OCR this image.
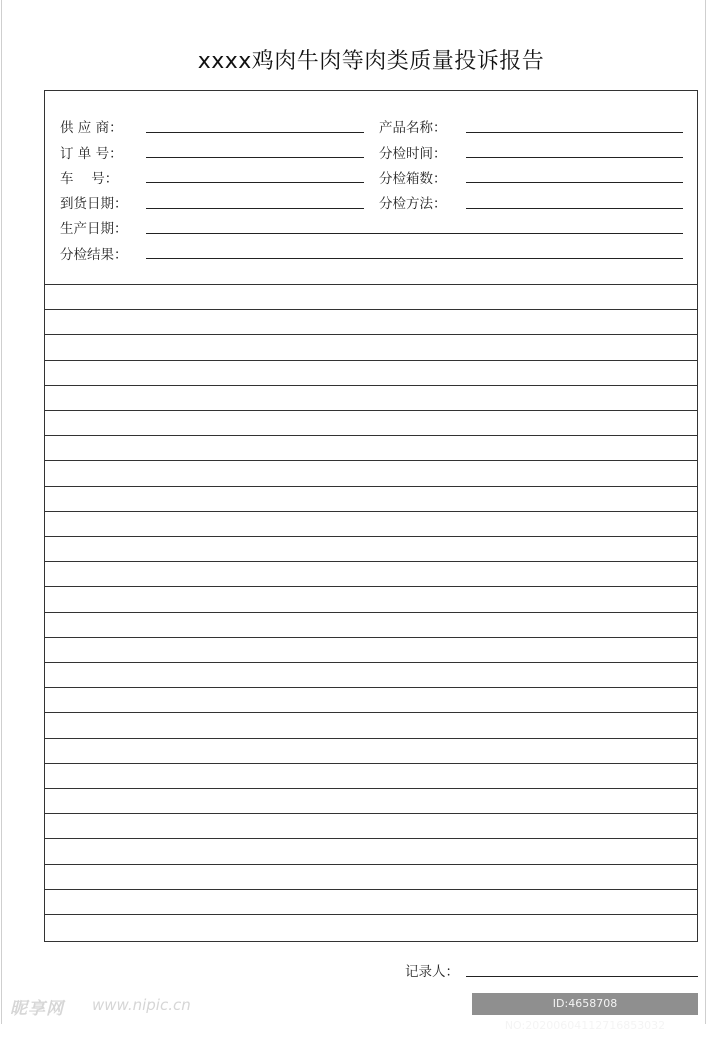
xxxx鸡肉牛肉等肉类质量投诉报告
供 应 商：
订 单 号：
车　 号：
到货日期：
产品名称：
分检时间：
分检箱数：
分检方法：
生产日期：
分检结果：
记录人：
昵享网 www.nipic.cn	ID:4658708 NO:20200604112716853032
